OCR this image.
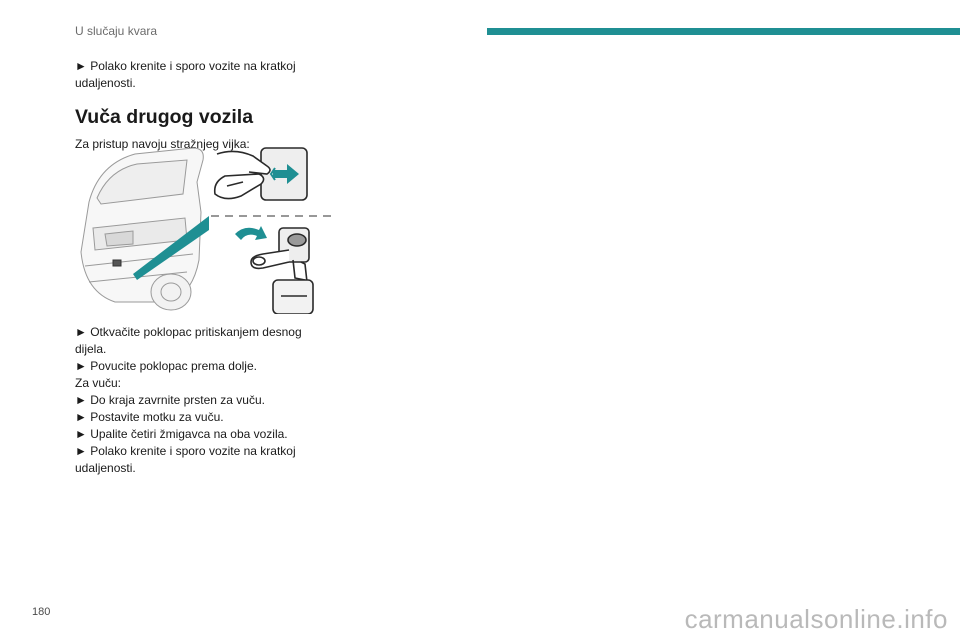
U slučaju kvara

► Polako krenite i sporo vozite na kratkoj udaljenosti.

Vuča drugog vozila

Za pristup navoju stražnjeg vijka:

► Otkvačite poklopac pritiskanjem desnog dijela.

► Povucite poklopac prema dolje.

Za vuču:

► Do kraja zavrnite prsten za vuču.

► Postavite motku za vuču.

► Upalite četiri žmigavca na oba vozila.

► Polako krenite i sporo vozite na kratkoj udaljenosti.

180	carmanualsonline.info
